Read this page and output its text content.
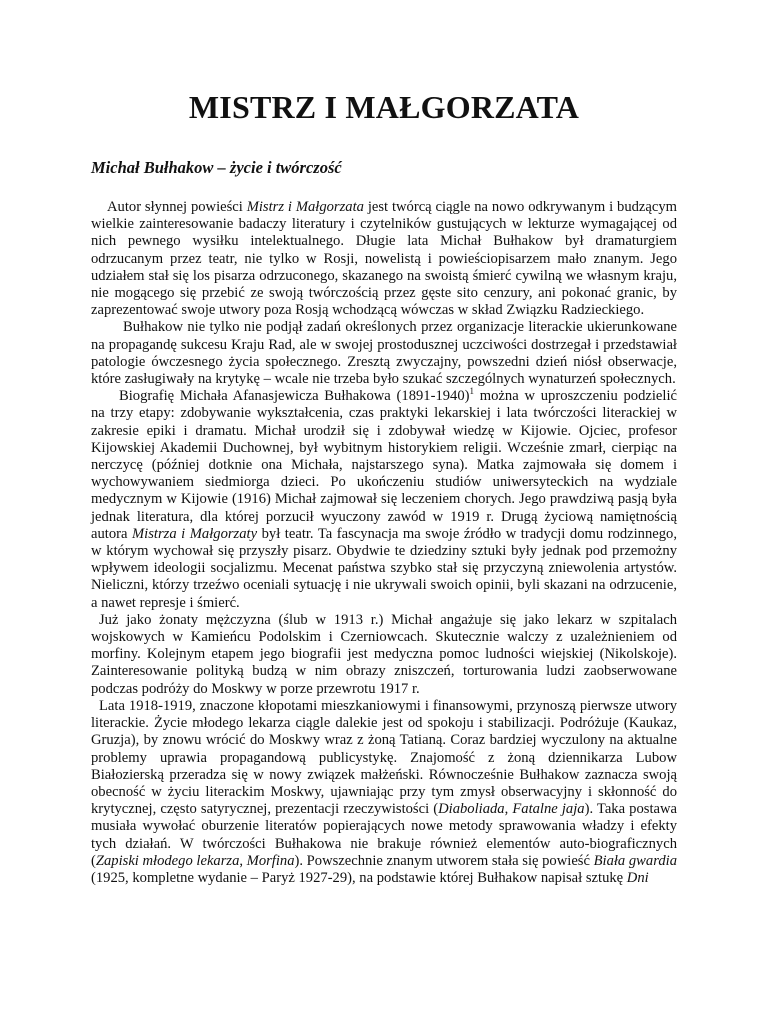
MISTRZ I MAŁGORZATA
Michał Bułhakow – życie i twórczość

Autor słynnej powieści Mistrz i Małgorzata jest twórcą ciągle na nowo odkrywanym i budzącym wielkie zainteresowanie badaczy literatury i czytelników gustujących w lekturze wymagającej od nich pewnego wysiłku intelektualnego. Długie lata Michał Bułhakow był dramaturgiem odrzucanym przez teatr, nie tylko w Rosji, nowelistą i powieściopisarzem mało znanym. Jego udziałem stał się los pisarza odrzuconego, skazanego na swoistą śmierć cywilną we własnym kraju, nie mogącego się przebić ze swoją twórczością przez gęste sito cenzury, ani pokonać granic, by zaprezentować swoje utwory poza Rosją wchodzącą wówczas w skład Związku Radzieckiego.

Bułhakow nie tylko nie podjął zadań określonych przez organizacje literackie ukierunkowane na propagandę sukcesu Kraju Rad, ale w swojej prostodusznej uczciwości dostrzegał i przedstawiał patologie ówczesnego życia społecznego. Zresztą zwyczajny, powszedni dzień niósł obserwacje, które zasługiwały na krytykę – wcale nie trzeba było szukać szczególnych wynaturzeń społecznych.

Biografię Michała Afanasjewicza Bułhakowa (1891-1940)$^1$ można w uproszczeniu podzielić na trzy etapy: zdobywanie wykształcenia, czas praktyki lekarskiej i lata twórczości literackiej w zakresie epiki i dramatu. Michał urodził się i zdobywał wiedzę w Kijowie. Ojciec, profesor Kijowskiej Akademii Duchownej, był wybitnym historykiem religii. Wcześnie zmarł, cierpiąc na nerczycę (później dotknie ona Michała, najstarszego syna). Matka zajmowała się domem i wychowywaniem siedmiorga dzieci. Po ukończeniu studiów uniwersyteckich na wydziale medycznym w Kijowie (1916) Michał zajmował się leczeniem chorych. Jego prawdziwą pasją była jednak literatura, dla której porzucił wyuczony zawód w 1919 r. Drugą życiową namiętnością autora Mistrza i Małgorzaty był teatr. Ta fascynacja ma swoje źródło w tradycji domu rodzinnego, w którym wychował się przyszły pisarz. Obydwie te dziedziny sztuki były jednak pod przemożny wpływem ideologii socjalizmu. Mecenat państwa szybko stał się przyczyną zniewolenia artystów. Nieliczni, którzy trzeźwo oceniali sytuację i nie ukrywali swoich opinii, byli skazani na odrzucenie, a nawet represje i śmierć.

Już jako żonaty mężczyzna (ślub w 1913 r.) Michał angażuje się jako lekarz w szpitalach wojskowych w Kamieńcu Podolskim i Czerniowcach. Skutecznie walczy z uzależnieniem od morfiny. Kolejnym etapem jego biografii jest medyczna pomoc ludności wiejskiej (Nikolskoje). Zainteresowanie polityką budzą w nim obrazy zniszczeń, torturowania ludzi zaobserwowane podczas podróży do Moskwy w porze przewrotu 1917 r.

Lata 1918-1919, znaczone kłopotami mieszkaniowymi i finansowymi, przynoszą pierwsze utwory literackie. Życie młodego lekarza ciągle dalekie jest od spokoju i stabilizacji. Podróżuje (Kaukaz, Gruzja), by znowu wrócić do Moskwy wraz z żoną Tatianą. Coraz bardziej wyczulony na aktualne problemy uprawia propagandową publicystykę. Znajomość z żoną dziennikarza Lubow Białozierską przeradza się w nowy związek małżeński. Równocześnie Bułhakow zaznacza swoją obecność w życiu literackim Moskwy, ujawniając przy tym zmysł obserwacyjny i skłonność do krytycznej, często satyrycznej, prezentacji rzeczywistości (Diaboliada, Fatalne jaja). Taka postawa musiała wywołać oburzenie literatów popierających nowe metody sprawowania władzy i efekty tych działań. W twórczości Bułhakowa nie brakuje również elementów auto-biograficznych (Zapiski młodego lekarza, Morfina). Powszechnie znanym utworem stała się powieść Biała gwardia (1925, kompletne wydanie – Paryż 1927-29), na podstawie której Bułhakow napisał sztukę Dni
